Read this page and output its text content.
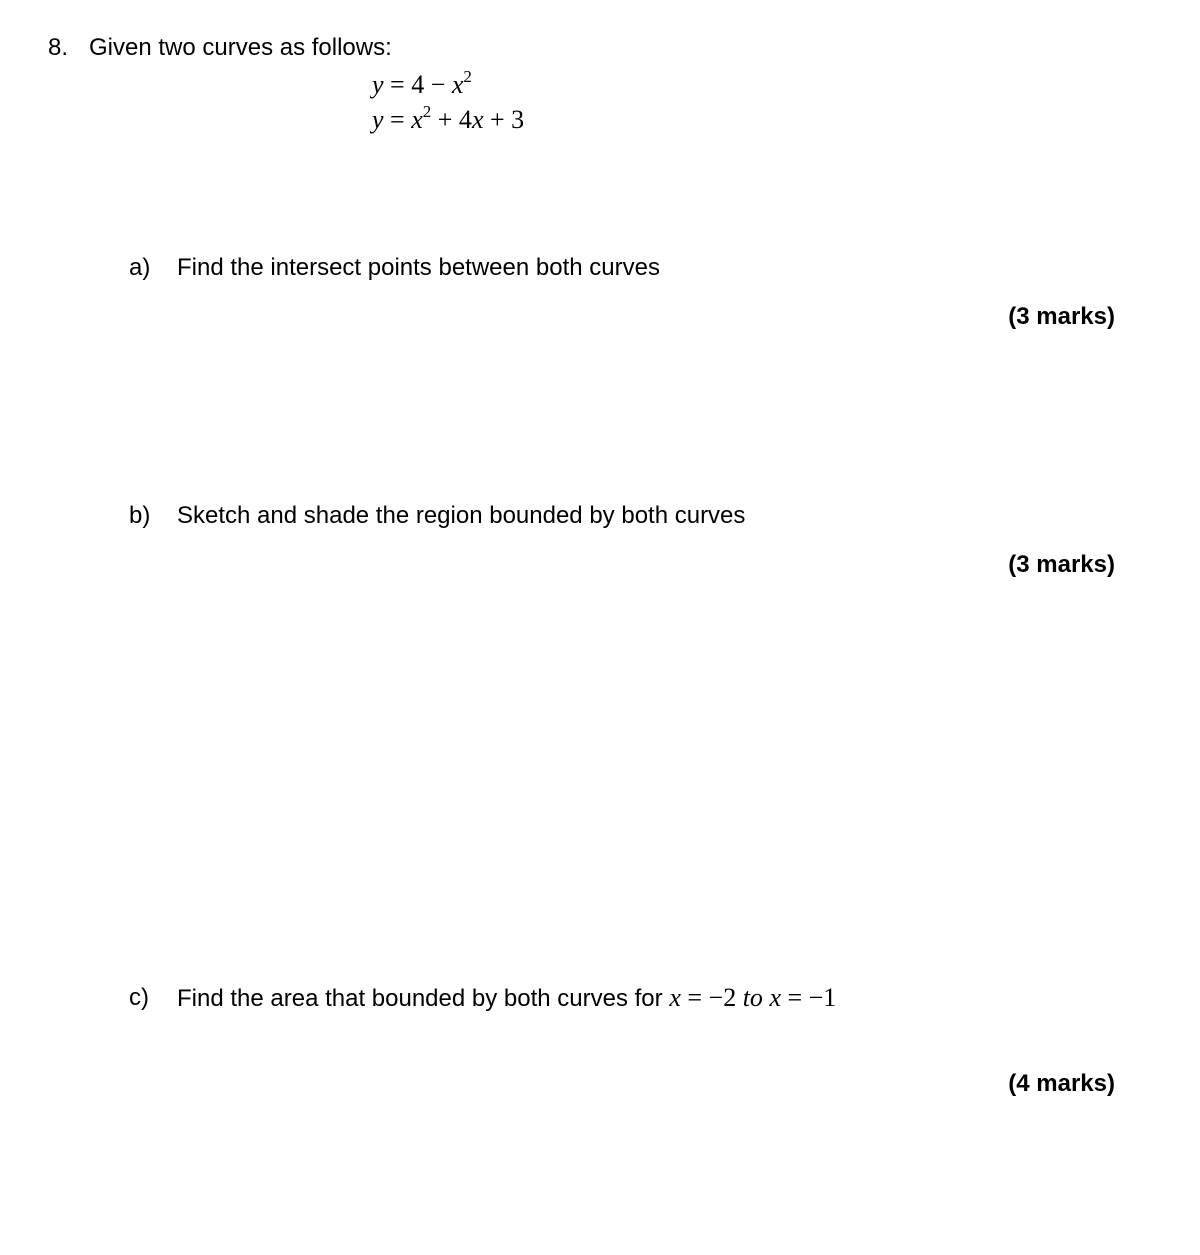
8. Given two curves as follows:
$y = 4 - x^2$
$y = x^2 + 4x + 3$
a) Find the intersect points between both curves
(3 marks)
b) Sketch and shade the region bounded by both curves
(3 marks)
c) Find the area that bounded by both curves for x = −2 to x = −1
(4 marks)
